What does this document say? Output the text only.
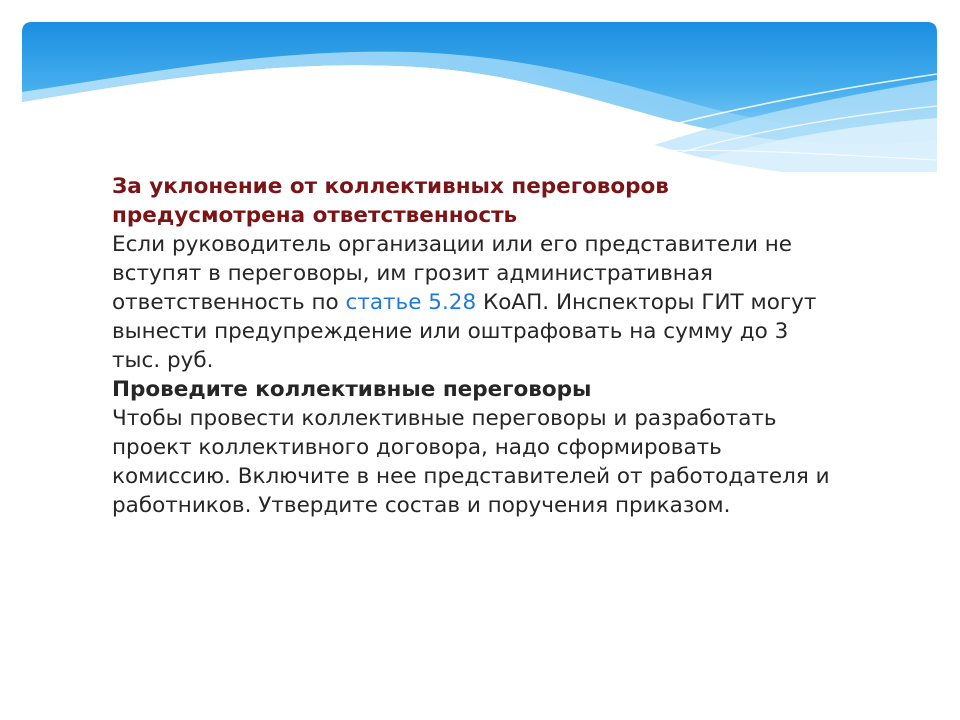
За уклонение от коллективных переговоров
предусмотрена ответственность

Если руководитель организации или его представители не вступят в переговоры, им грозит административная ответственность по статье 5.28 КоАП. Инспекторы ГИТ могут вынести предупреждение или оштрафовать на сумму до 3 тыс. руб.

Проведите коллективные переговоры

Чтобы провести коллективные переговоры и разработать проект коллективного договора, надо сформировать комиссию. Включите в нее представителей от работодателя и работников. Утвердите состав и поручения приказом.
